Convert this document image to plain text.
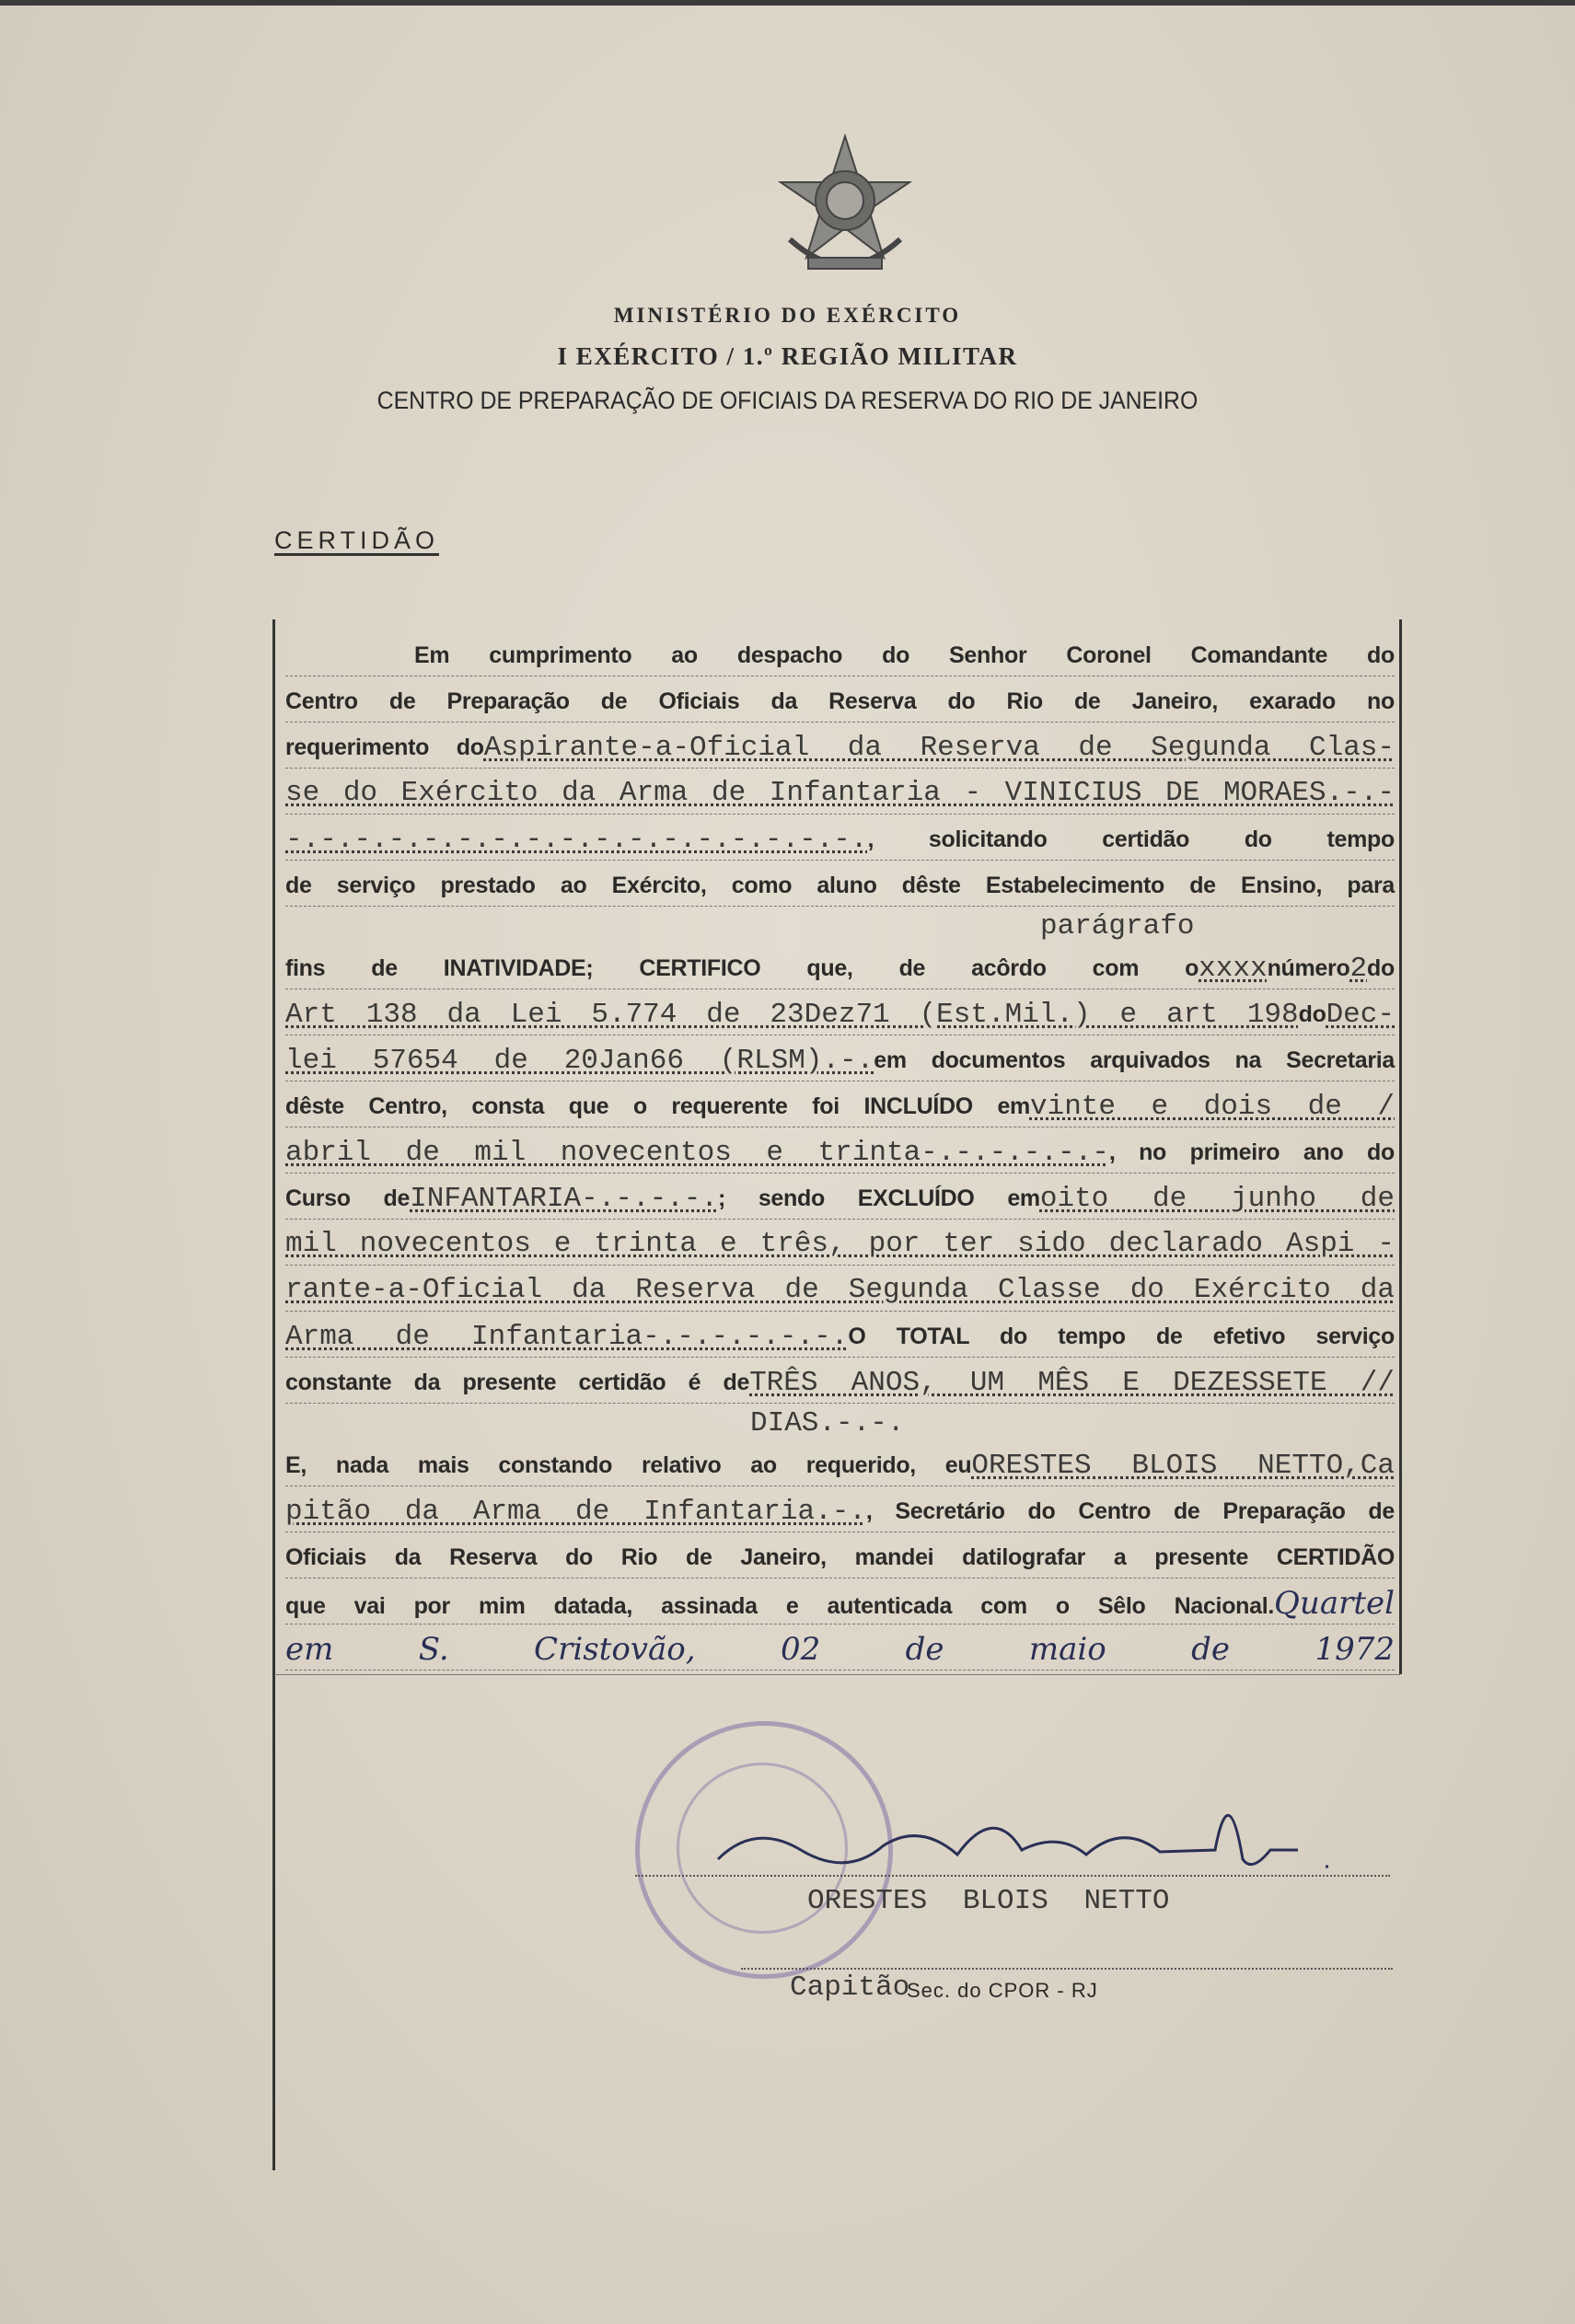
MINISTÉRIO DO EXÉRCITO
I EXÉRCITO / 1.º REGIÃO MILITAR
CENTRO DE PREPARAÇÃO DE OFICIAIS DA RESERVA DO RIO DE JANEIRO
CERTIDÃO
Em cumprimento ao despacho do Senhor Coronel Comandante do
Centro de Preparação de Oficiais da Reserva do Rio de Janeiro, exarado no
requerimento doAspirante-a-Oficial da Reserva de Segunda Clas-
se do Exército da Arma de Infantaria - VINICIUS DE MORAES.-.-
-.-.-.-.-.-.-.-.-.-.-.-.-.-.-.-.-., solicitando certidão do tempo
de serviço prestado ao Exército, como aluno dêste Estabelecimento de Ensino, para
fins de INATIVIDADE; CERTIFICO que, de acôrdo com oxxxxnúmero2do
Art 138 da Lei 5.774 de 23Dez71 (Est.Mil.) e art 198doDec-
lei 57654 de 20Jan66 (RLSM).-.em documentos arquivados na Secretaria
dêste Centro, consta que o requerente foi INCLUÍDO emvinte e dois de /
abril de mil novecentos e trinta-.-.-.-.-.-, no primeiro ano do
Curso deINFANTARIA-.-.-.-.; sendo EXCLUÍDO emoito de junho de
mil novecentos e trinta e três, por ter sido declarado Aspi -
rante-a-Oficial da Reserva de Segunda Classe do Exército da
Arma de Infantaria-.-.-.-.-.-.O TOTAL do tempo de efetivo serviço
constante da presente certidão é deTRÊS ANOS, UM MÊS E DEZESSETE //
E, nada mais constando relativo ao requerido, euORESTES BLOIS NETTO,Ca
pitão da Arma de Infantaria.-., Secretário do Centro de Preparação de
Oficiais da Reserva do Rio de Janeiro, mandei datilografar a presente CERTIDÃO
que vai por mim datada, assinada e autenticada com o Sêlo Nacional.Quartel
em S. Cristovão, 02 de maio de 1972
parágrafo
DIAS.-.-.
ORESTES BLOIS NETTO
Capitão
Sec. do CPOR - RJ
